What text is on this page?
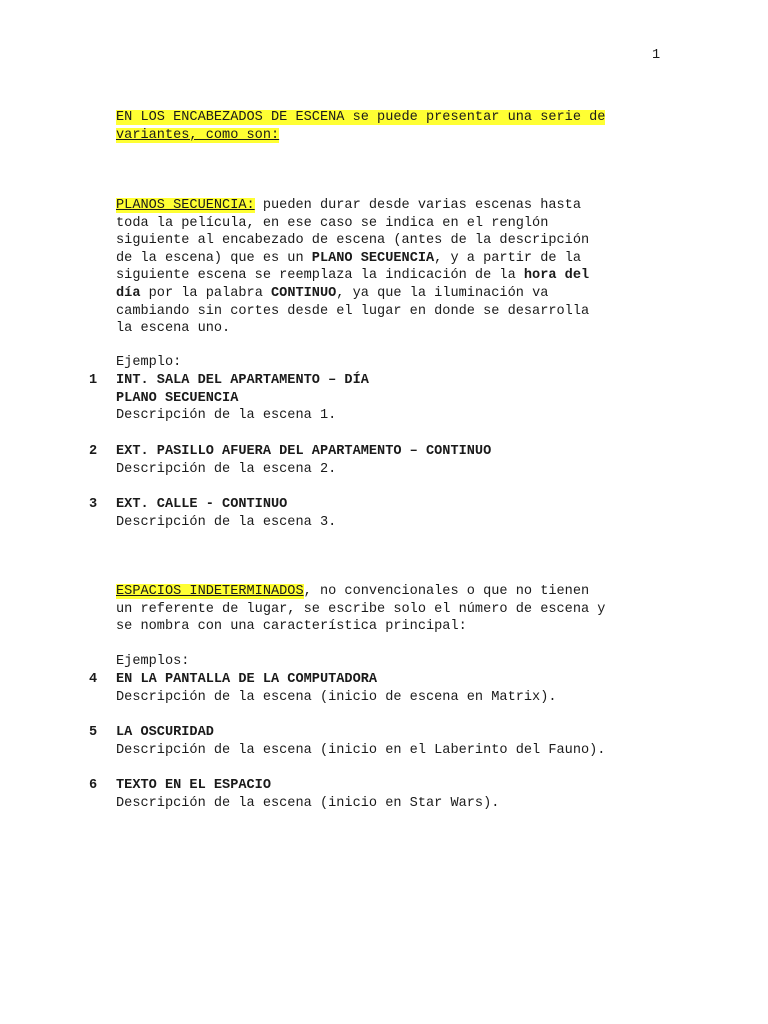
1
EN LOS ENCABEZADOS DE ESCENA se puede presentar una serie de
variantes, como son:
PLANOS SECUENCIA: pueden durar desde varias escenas hasta
toda la película, en ese caso se indica en el renglón
siguiente al encabezado de escena (antes de la descripción
de la escena) que es un PLANO SECUENCIA, y a partir de la
siguiente escena se reemplaza la indicación de la hora del
día por la palabra CONTINUO, ya que la iluminación va
cambiando sin cortes desde el lugar en donde se desarrolla
la escena uno.
Ejemplo:
1 INT. SALA DEL APARTAMENTO – DÍA
PLANO SECUENCIA
Descripción de la escena 1.
2 EXT. PASILLO AFUERA DEL APARTAMENTO – CONTINUO
Descripción de la escena 2.
3 EXT. CALLE - CONTINUO
Descripción de la escena 3.
ESPACIOS INDETERMINADOS, no convencionales o que no tienen
un referente de lugar, se escribe solo el número de escena y
se nombra con una característica principal:
Ejemplos:
4 EN LA PANTALLA DE LA COMPUTADORA
Descripción de la escena (inicio de escena en Matrix).
5 LA OSCURIDAD
Descripción de la escena (inicio en el Laberinto del Fauno).
6 TEXTO EN EL ESPACIO
Descripción de la escena (inicio en Star Wars).
